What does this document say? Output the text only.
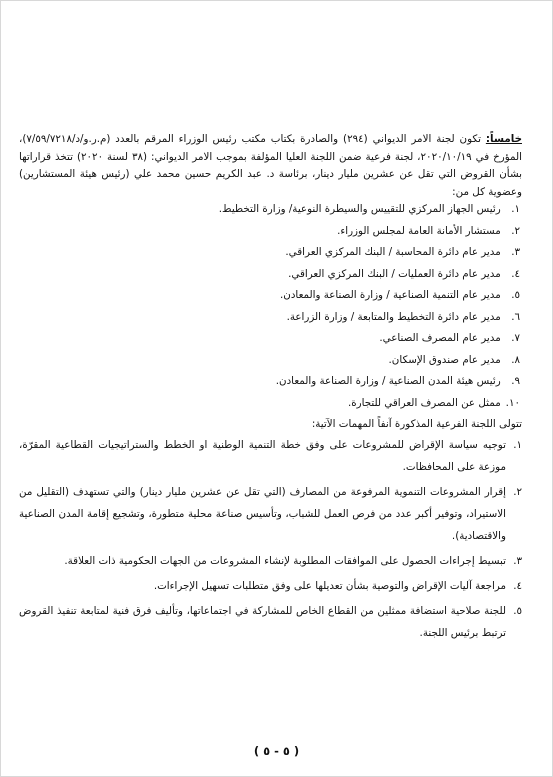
خامساً: تكون لجنة الامر الديواني (٢٩٤) والصادرة بكتاب مكتب رئيس الوزراء المرقم بالعدد (م.ر.و/د/٧/٥٩/٧٢١٨)، المؤرخ في ٢٠٢٠/١٠/١٩، لجنة فرعية ضمن اللجنة العليا المؤلفة بموجب الامر الديواني: (٣٨ لسنة ٢٠٢٠) تتخذ قراراتها بشأن القروض التي تقل عن عشرين مليار دينار، برئاسة د. عبد الكريم حسين محمد علي (رئيس هيئة المستشارين) وعضوية كل من:

١. رئيس الجهاز المركزي للتقييس والسيطرة النوعية/ وزارة التخطيط.
٢. مستشار الأمانة العامة لمجلس الوزراء.
٣. مدير عام دائرة المحاسبة / البنك المركزي العراقي.
٤. مدير عام دائرة العمليات / البنك المركزي العراقي.
٥. مدير عام التنمية الصناعية / وزارة الصناعة والمعادن.
٦. مدير عام دائرة التخطيط والمتابعة / وزارة الزراعة.
٧. مدير عام المصرف الصناعي.
٨. مدير عام صندوق الإسكان.
٩. رئيس هيئة المدن الصناعية / وزارة الصناعة والمعادن.
١٠. ممثل عن المصرف العراقي للتجارة.

تتولى اللجنة الفرعية المذكورة آنفاً المهمات الآتية:

١.
توجيه سياسة الإقراض للمشروعات على وفق خطة التنمية الوطنية او الخطط والستراتيجيات القطاعية المقرّة، موزعة على المحافظات.
٢.
إقرار المشروعات التنموية المرفوعة من المصارف (التي تقل عن عشرين مليار دينار) والتي تستهدف (التقليل من الاستيراد، وتوفير أكبر عدد من فرص العمل للشباب، وتأسيس صناعة محلية متطورة، وتشجيع إقامة المدن الصناعية والاقتصادية).
٣.
تبسيط إجراءات الحصول على الموافقات المطلوبة لإنشاء المشروعات من الجهات الحكومية ذات العلاقة.
٤.
مراجعة آليات الإقراض والتوصية بشأن تعديلها على وفق متطلبات تسهيل الإجراءات.
٥.
للجنة صلاحية استضافة ممثلين من القطاع الخاص للمشاركة في اجتماعاتها، وتأليف فرق فنية لمتابعة تنفيذ القروض ترتبط برئيس اللجنة.
( ٥ - ٥ )
